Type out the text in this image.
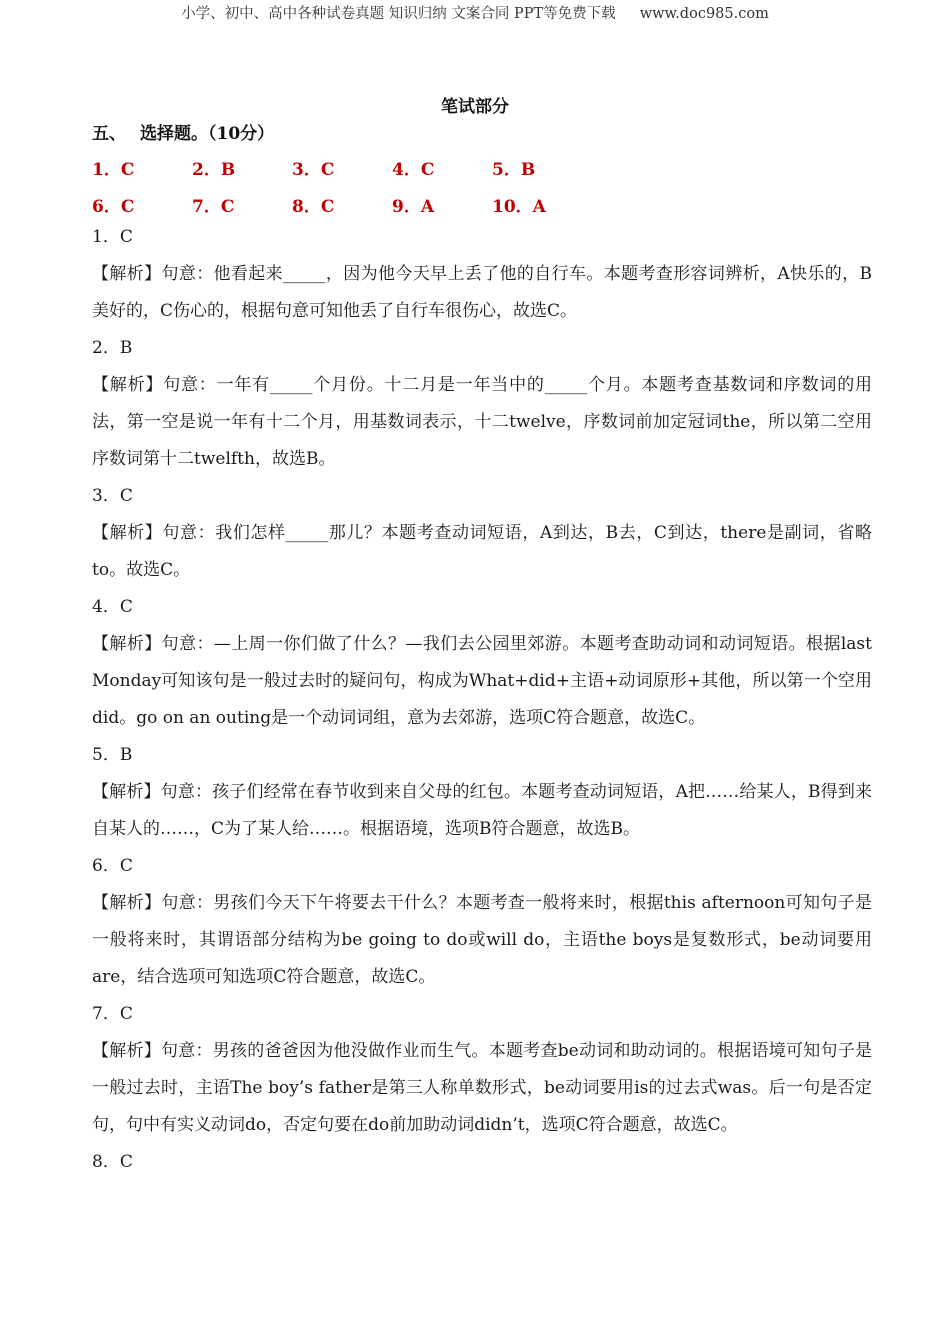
小学、初中、高中各种试卷真题 知识归纳 文案合同 PPT等免费下载 www.doc985.com
笔试部分
五、 选择题。（10分）
1．C	2．B	3．C	4．C	5．B
6．C	7．C	8．C	9．A	10．A
1．C
【解析】句意：他看起来_____，因为他今天早上丢了他的自行车。本题考查形容词辨析，A快乐的，B美好的，C伤心的，根据句意可知他丢了自行车很伤心，故选C。
2．B
【解析】句意：一年有_____个月份。十二月是一年当中的_____个月。本题考查基数词和序数词的用法，第一空是说一年有十二个月，用基数词表示，十二twelve，序数词前加定冠词the，所以第二空用序数词第十二twelfth，故选B。
3．C
【解析】句意：我们怎样_____那儿？本题考查动词短语，A到达，B去，C到达，there是副词，省略to。故选C。
4．C
【解析】句意：—上周一你们做了什么？—我们去公园里郊游。本题考查助动词和动词短语。根据last Monday可知该句是一般过去时的疑问句，构成为What+did+主语+动词原形+其他，所以第一个空用did。go on an outing是一个动词词组，意为去郊游，选项C符合题意，故选C。
5．B
【解析】句意：孩子们经常在春节收到来自父母的红包。本题考查动词短语，A把……给某人，B得到来自某人的……，C为了某人给……。根据语境，选项B符合题意，故选B。
6．C
【解析】句意：男孩们今天下午将要去干什么？本题考查一般将来时，根据this afternoon可知句子是一般将来时，其谓语部分结构为be going to do或will do，主语the boys是复数形式，be动词要用are，结合选项可知选项C符合题意，故选C。
7．C
【解析】句意：男孩的爸爸因为他没做作业而生气。本题考查be动词和助动词的。根据语境可知句子是一般过去时，主语The boy’s father是第三人称单数形式，be动词要用is的过去式was。后一句是否定句，句中有实义动词do，否定句要在do前加助动词didn’t，选项C符合题意，故选C。
8．C
